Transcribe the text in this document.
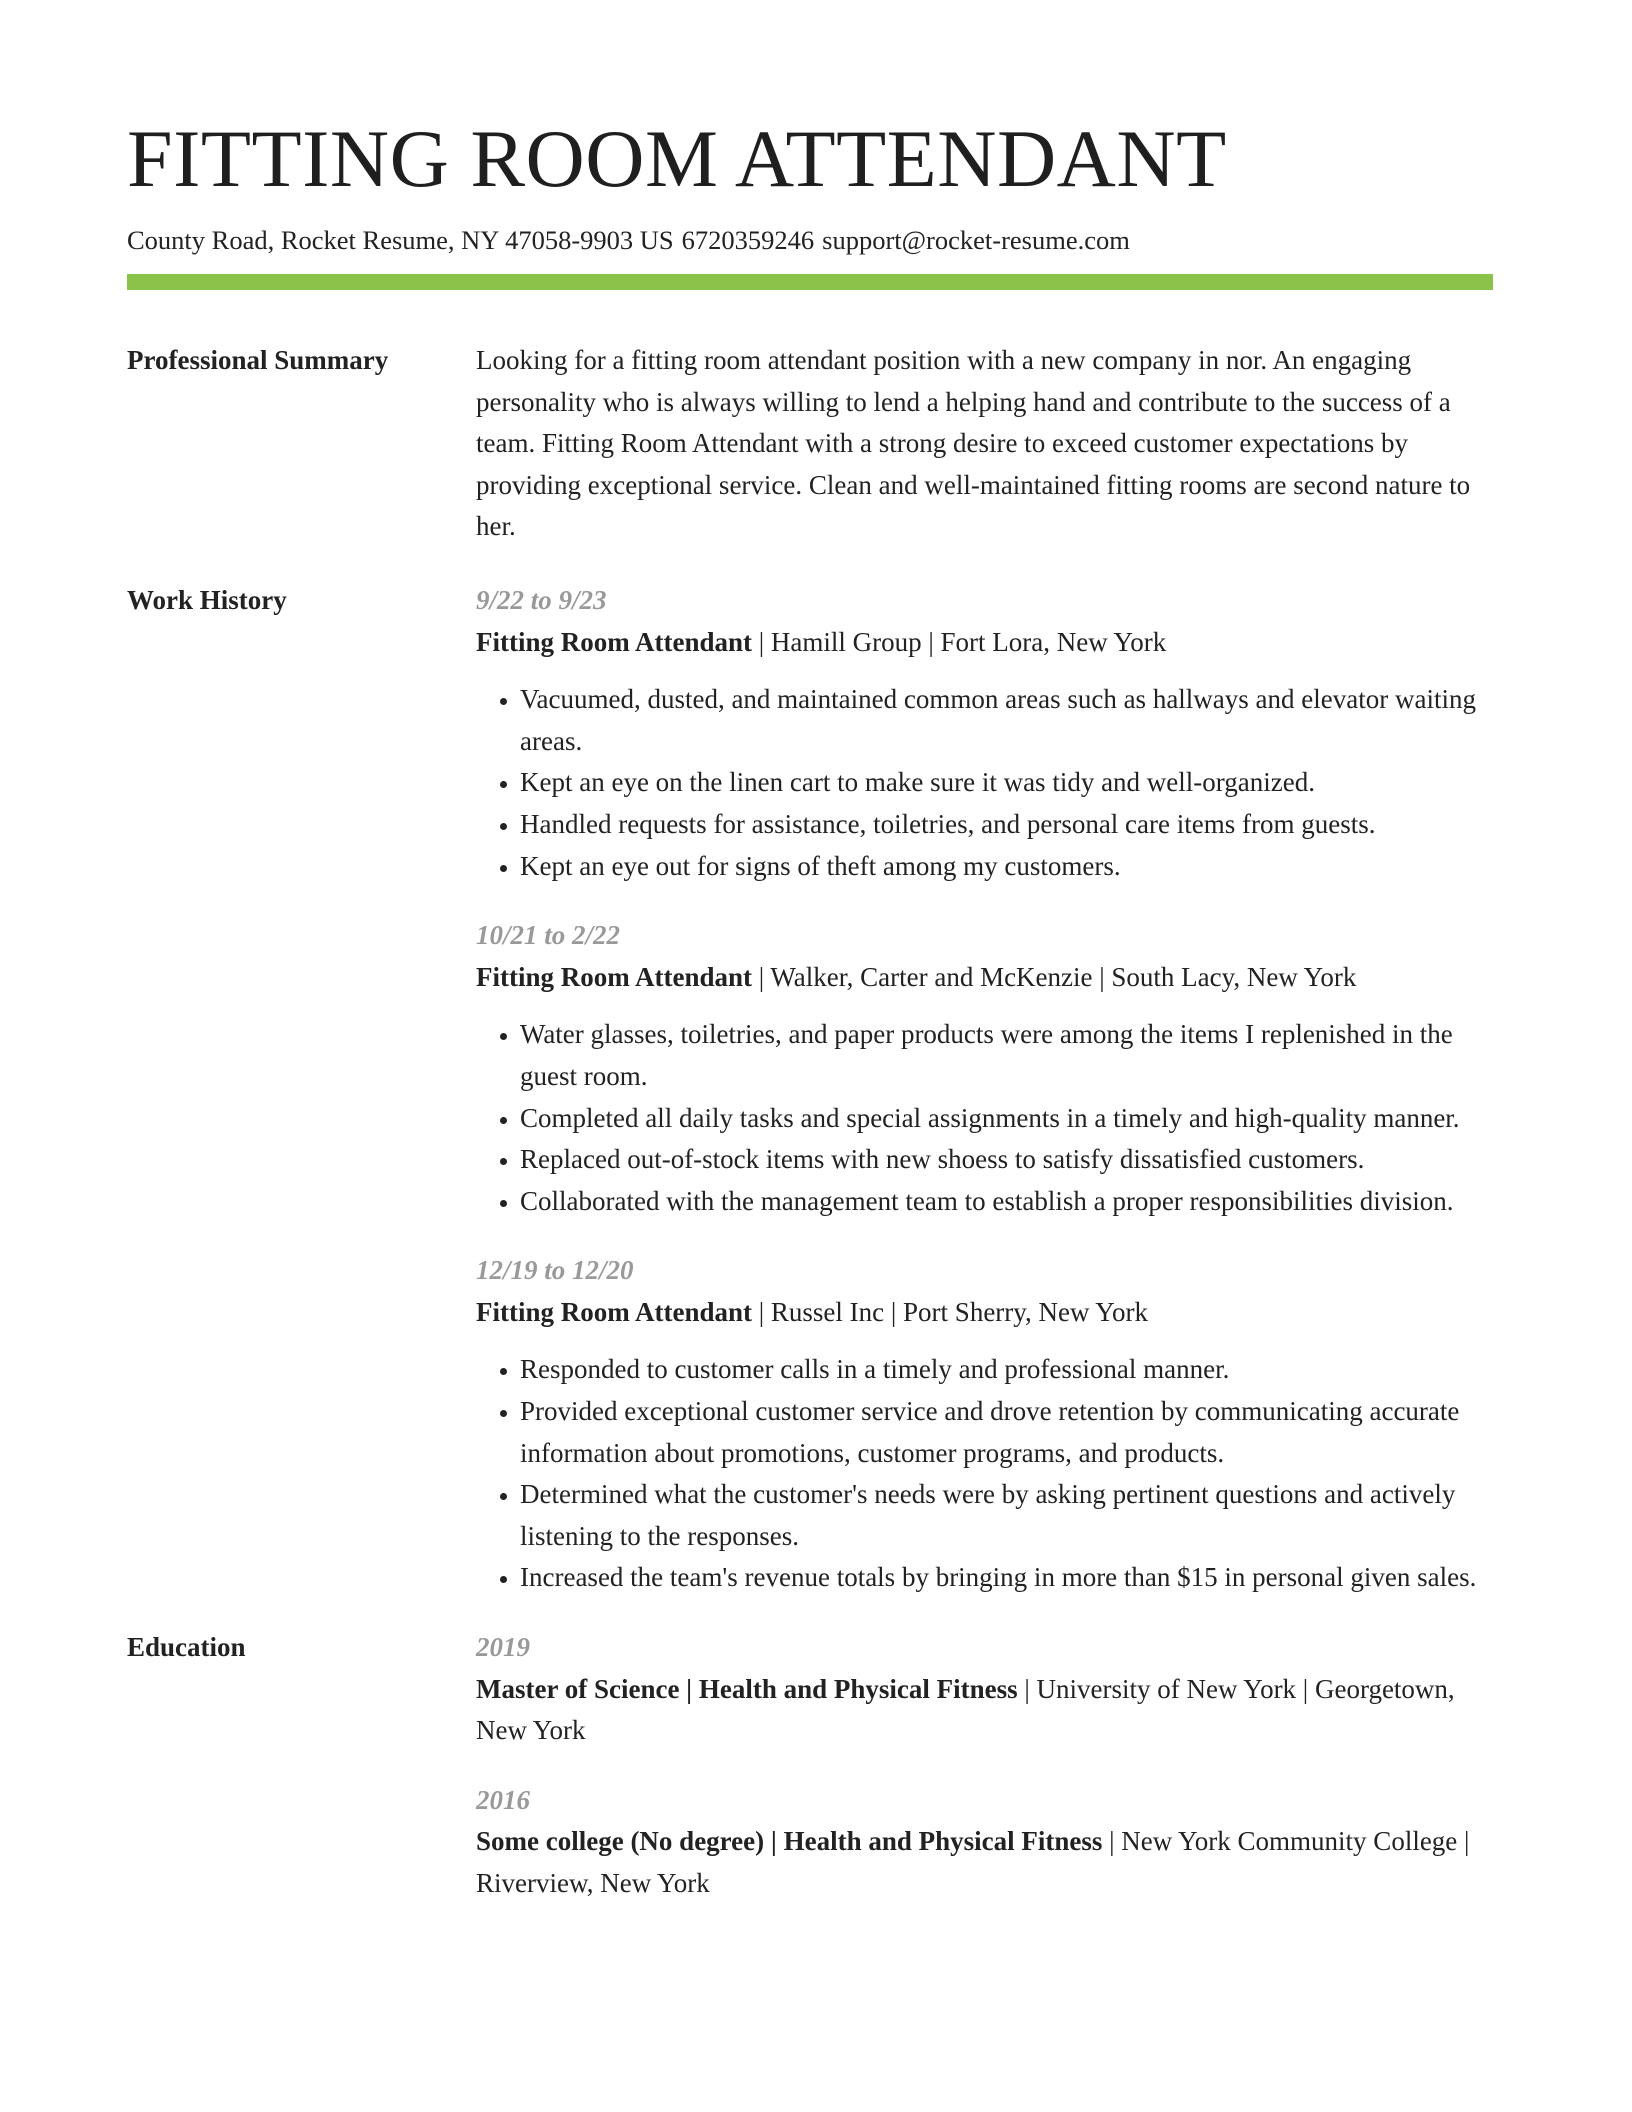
FITTING ROOM ATTENDANT
County Road, Rocket Resume, NY 47058-9903 US 6720359246 support@rocket-resume.com
Professional Summary	Looking for a fitting room attendant position with a new company in nor. An engaging personality who is always willing to lend a helping hand and contribute to the success of a team. Fitting Room Attendant with a strong desire to exceed customer expectations by providing exceptional service. Clean and well-maintained fitting rooms are second nature to her.

Work History	9/22 to 9/23
Fitting Room Attendant | Hamill Group | Fort Lora, New York
• Vacuumed, dusted, and maintained common areas such as hallways and elevator waiting areas.
• Kept an eye on the linen cart to make sure it was tidy and well-organized.
• Handled requests for assistance, toiletries, and personal care items from guests.
• Kept an eye out for signs of theft among my customers.
10/21 to 2/22
Fitting Room Attendant | Walker, Carter and McKenzie | South Lacy, New York
• Water glasses, toiletries, and paper products were among the items I replenished in the guest room.
• Completed all daily tasks and special assignments in a timely and high-quality manner.
• Replaced out-of-stock items with new shoess to satisfy dissatisfied customers.
• Collaborated with the management team to establish a proper responsibilities division.
12/19 to 12/20
Fitting Room Attendant | Russel Inc | Port Sherry, New York
• Responded to customer calls in a timely and professional manner.
• Provided exceptional customer service and drove retention by communicating accurate information about promotions, customer programs, and products.
• Determined what the customer's needs were by asking pertinent questions and actively listening to the responses.
• Increased the team's revenue totals by bringing in more than $15 in personal given sales.
Education	2019
Master of Science | Health and Physical Fitness | University of New York | Georgetown, New York
2016
Some college (No degree) | Health and Physical Fitness | New York Community College | Riverview, New York
